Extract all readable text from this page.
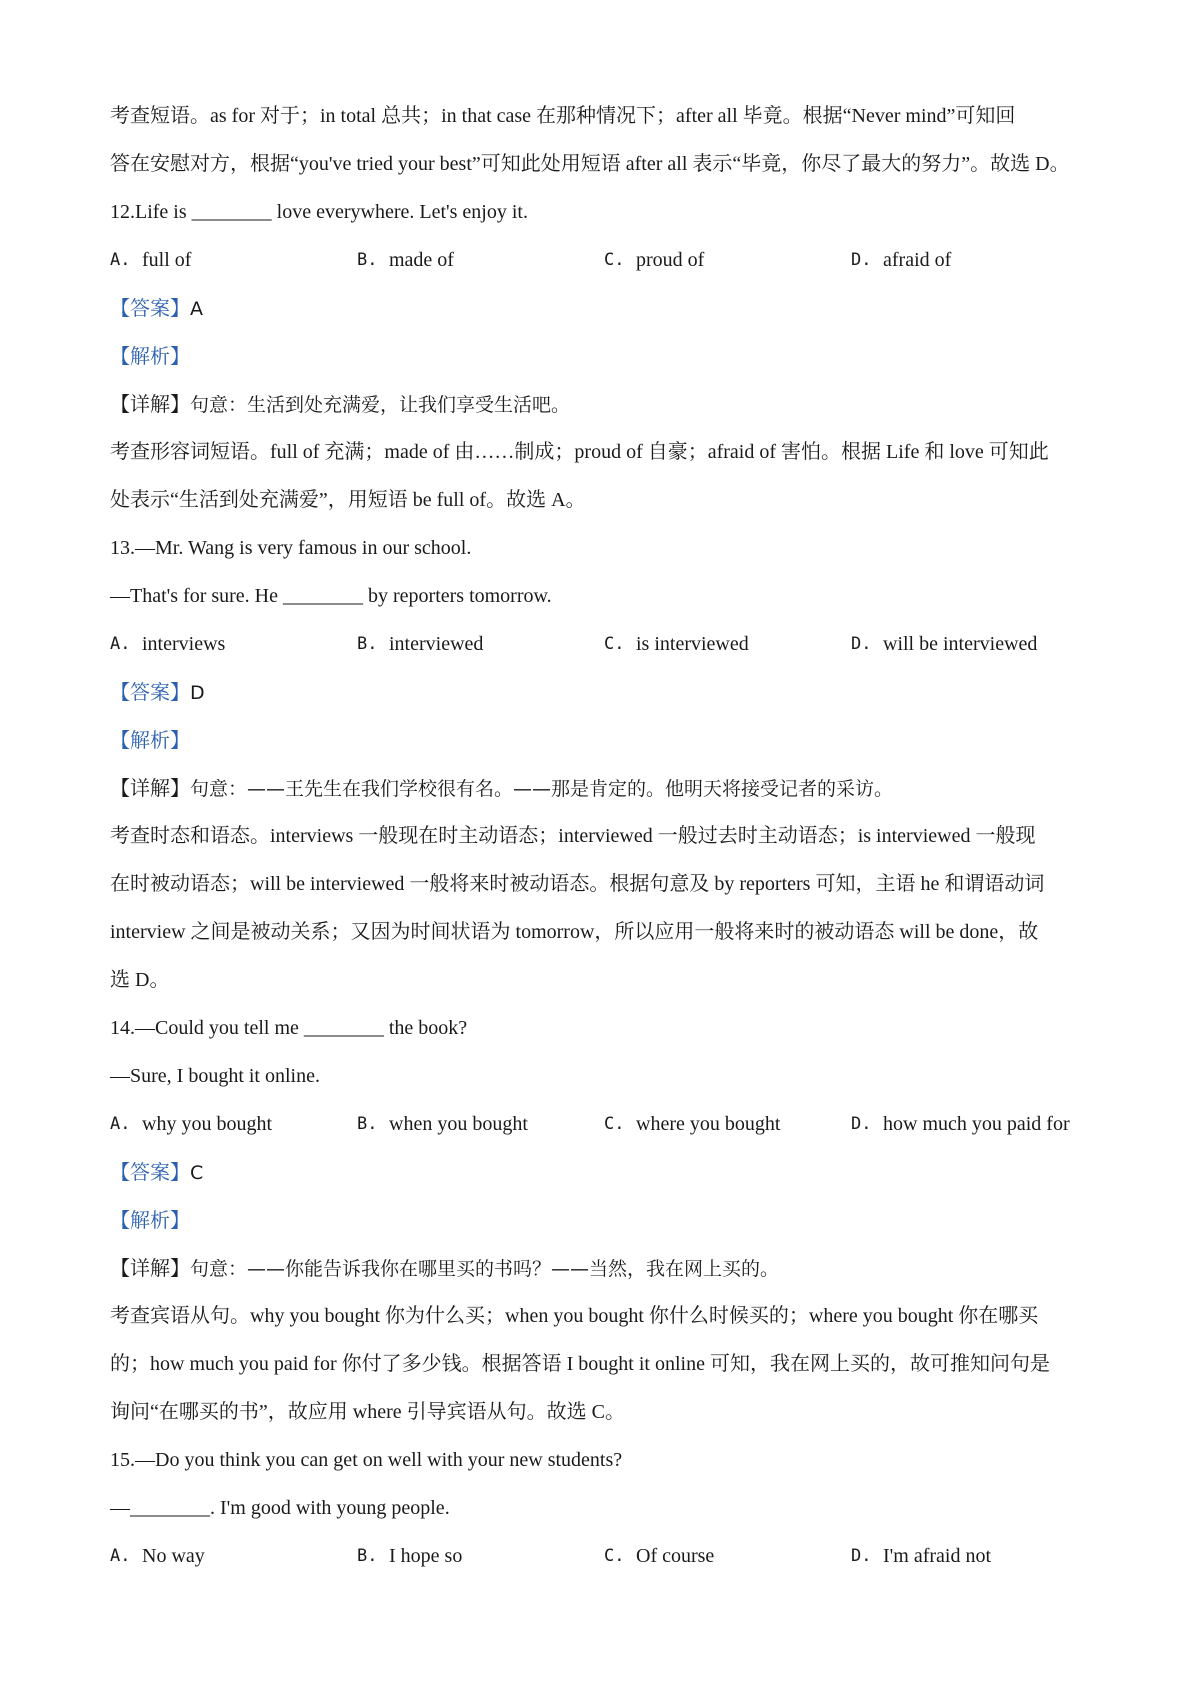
考查短语。as for 对于；in total 总共；in that case 在那种情况下；after all 毕竟。根据“Never mind”可知回
答在安慰对方，根据“you've tried your best”可知此处用短语 after all 表示“毕竟，你尽了最大的努力”。故选 D。
12.Life is ________ love everywhere. Let's enjoy it.
A. full of	B. made of	C. proud of	D. afraid of
【答案】A
【解析】
【详解】句意：生活到处充满爱，让我们享受生活吧。
考查形容词短语。full of 充满；made of 由……制成；proud of 自豪；afraid of 害怕。根据 Life 和 love 可知此
处表示“生活到处充满爱”，用短语 be full of。故选 A。
13.—Mr. Wang is very famous in our school.
—That's for sure. He ________ by reporters tomorrow.
A. interviews	B. interviewed	C. is interviewed	D. will be interviewed
【答案】D
【解析】
【详解】句意：——王先生在我们学校很有名。——那是肯定的。他明天将接受记者的采访。
考查时态和语态。interviews 一般现在时主动语态；interviewed 一般过去时主动语态；is interviewed 一般现
在时被动语态；will be interviewed 一般将来时被动语态。根据句意及 by reporters 可知，主语 he 和谓语动词
interview 之间是被动关系；又因为时间状语为 tomorrow，所以应用一般将来时的被动语态 will be done，故
选 D。
14.—Could you tell me ________ the book?
—Sure, I bought it online.
A. why you bought	B. when you bought	C. where you bought	D. how much you paid for
【答案】C
【解析】
【详解】句意：——你能告诉我你在哪里买的书吗？——当然，我在网上买的。
考查宾语从句。why you bought 你为什么买；when you bought 你什么时候买的；where you bought 你在哪买
的；how much you paid for 你付了多少钱。根据答语 I bought it online 可知，我在网上买的，故可推知问句是
询问“在哪买的书”，故应用 where 引导宾语从句。故选 C。
15.—Do you think you can get on well with your new students?
—________. I'm good with young people.
A. No way	B. I hope so	C. Of course	D. I'm afraid not
